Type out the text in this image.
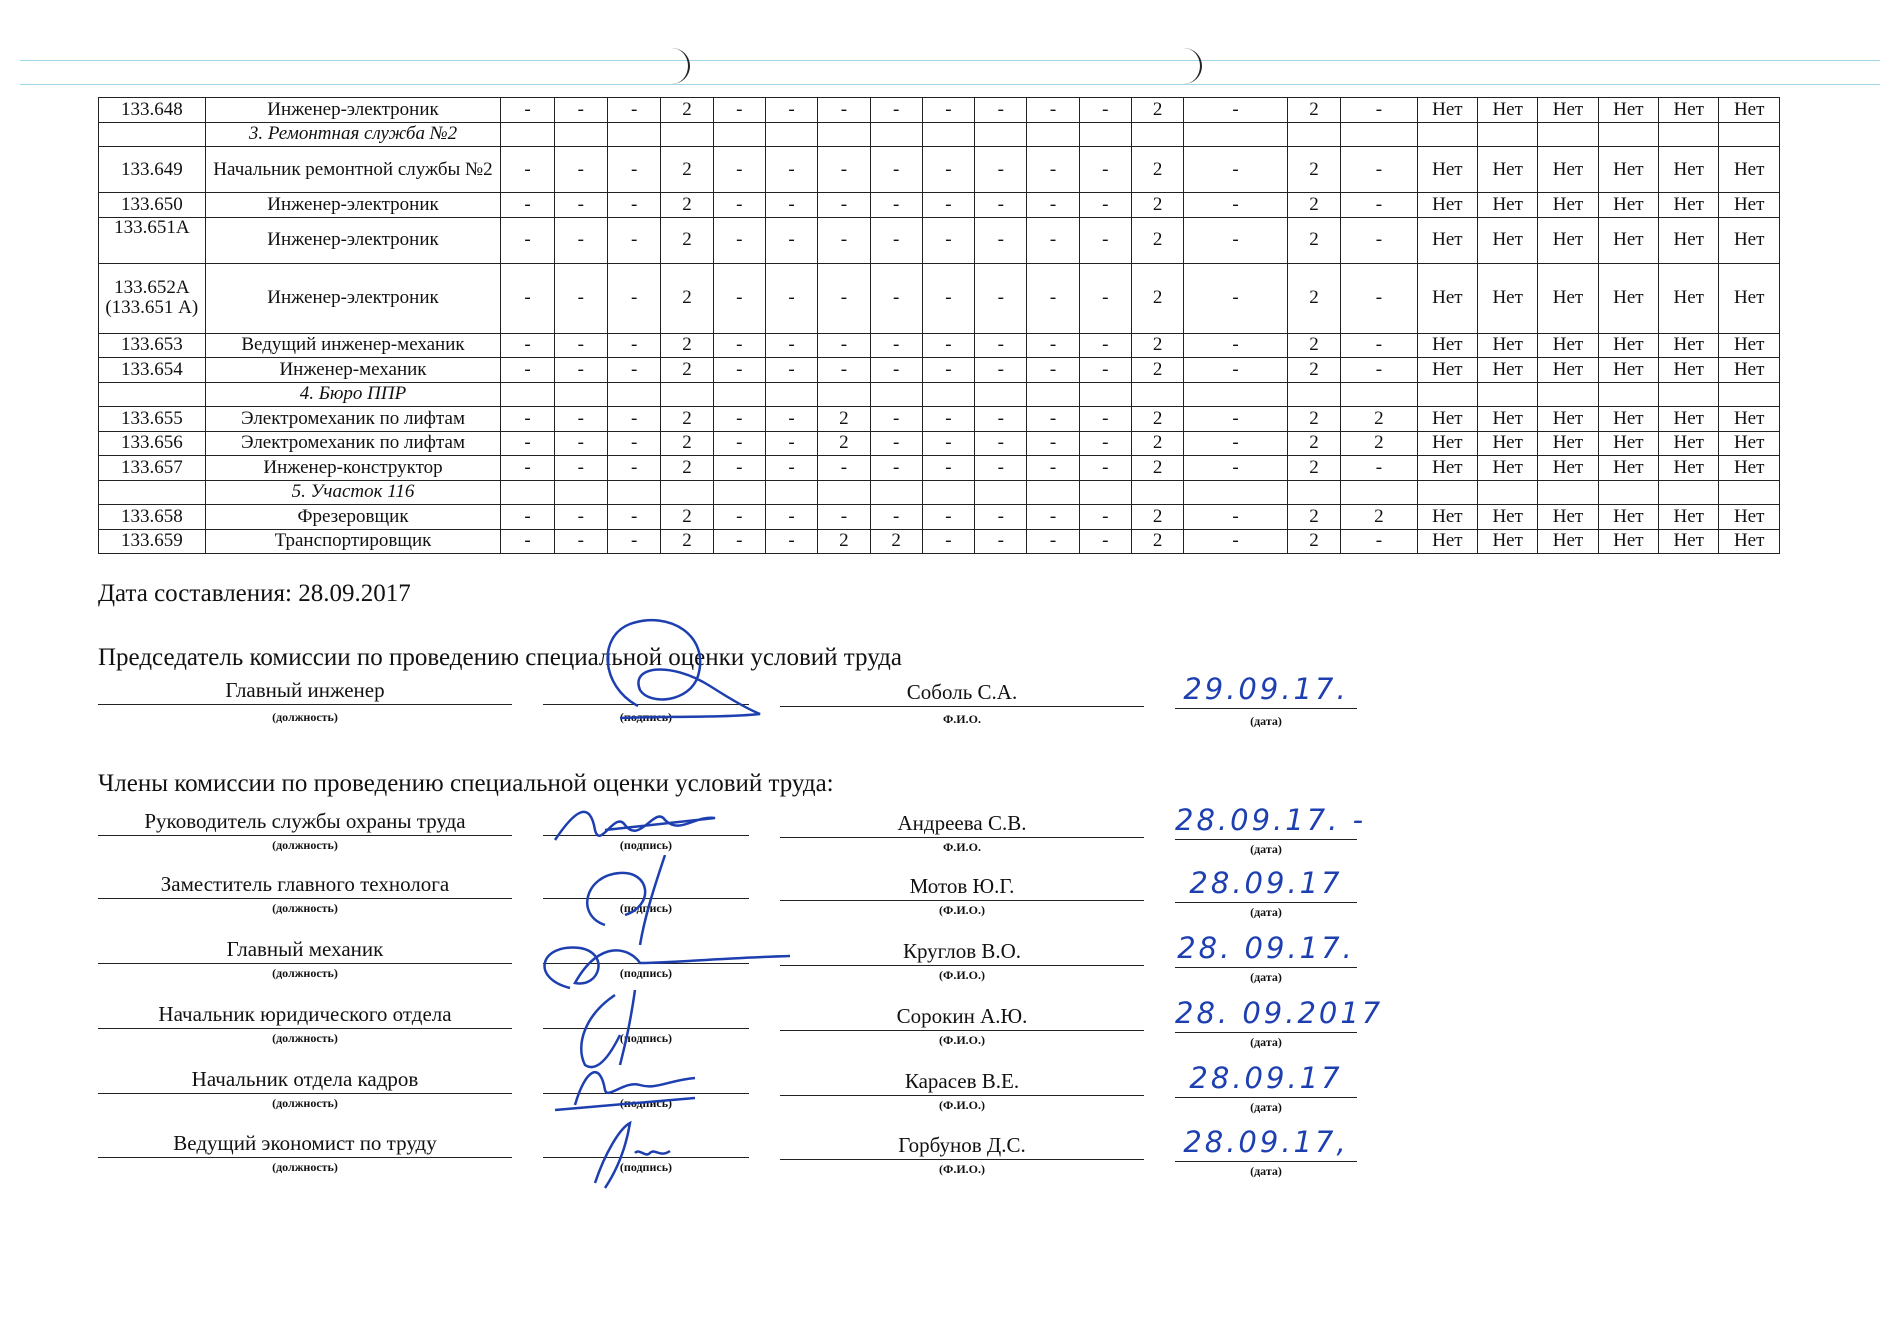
133.648	Инженер-электроник	-	-	-	2	-	-	-	-	-	-	-	-	2	-	2	-	Нет	Нет	Нет	Нет	Нет	Нет
	3. Ремонтная служба №2																						
133.649	Начальник ремонтной службы №2	-	-	-	2	-	-	-	-	-	-	-	-	2	-	2	-	Нет	Нет	Нет	Нет	Нет	Нет
133.650	Инженер-электроник	-	-	-	2	-	-	-	-	-	-	-	-	2	-	2	-	Нет	Нет	Нет	Нет	Нет	Нет
133.651А	Инженер-электроник	-	-	-	2	-	-	-	-	-	-	-	-	2	-	2	-	Нет	Нет	Нет	Нет	Нет	Нет
133.652А (133.651 А)	Инженер-электроник	-	-	-	2	-	-	-	-	-	-	-	-	2	-	2	-	Нет	Нет	Нет	Нет	Нет	Нет
133.653	Ведущий инженер-механик	-	-	-	2	-	-	-	-	-	-	-	-	2	-	2	-	Нет	Нет	Нет	Нет	Нет	Нет
133.654	Инженер-механик	-	-	-	2	-	-	-	-	-	-	-	-	2	-	2	-	Нет	Нет	Нет	Нет	Нет	Нет
	4. Бюро ППР																						
133.655	Электромеханик по лифтам	-	-	-	2	-	-	2	-	-	-	-	-	2	-	2	2	Нет	Нет	Нет	Нет	Нет	Нет
133.656	Электромеханик по лифтам	-	-	-	2	-	-	2	-	-	-	-	-	2	-	2	2	Нет	Нет	Нет	Нет	Нет	Нет
133.657	Инженер-конструктор	-	-	-	2	-	-	-	-	-	-	-	-	2	-	2	-	Нет	Нет	Нет	Нет	Нет	Нет
	5. Участок 116																						
133.658	Фрезеровщик	-	-	-	2	-	-	-	-	-	-	-	-	2	-	2	2	Нет	Нет	Нет	Нет	Нет	Нет
133.659	Транспортировщик	-	-	-	2	-	-	2	2	-	-	-	-	2	-	2	-	Нет	Нет	Нет	Нет	Нет	Нет
Дата составления: 28.09.2017
Председатель комиссии по проведению специальной оценки условий труда
Главный инженер
(должность)	(подпись)
Соболь С.А.
Ф.И.О.
29.09.17.
(дата)
Члены комиссии по проведению специальной оценки условий труда:
Руководитель службы охраны труда
(должность)	(подпись)
Андреева С.В.
Ф.И.О.
28.09.17. -
(дата)
Заместитель главного технолога
(должность)	(подпись)
Мотов Ю.Г.
(Ф.И.О.)
28.09.17
(дата)
Главный механик
(должность)	(подпись)
Круглов В.О.
(Ф.И.О.)
28. 09.17.
(дата)
Начальник юридического отдела
(должность)	(подпись)
Сорокин А.Ю.
(Ф.И.О.)
28. 09.2017
(дата)
Начальник отдела кадров
(должность)	(подпись)
Карасев В.Е.
(Ф.И.О.)
28.09.17
(дата)
Ведущий экономист по труду
(должность)	(подпись)
Горбунов Д.С.
(Ф.И.О.)
28.09.17,
(дата)
